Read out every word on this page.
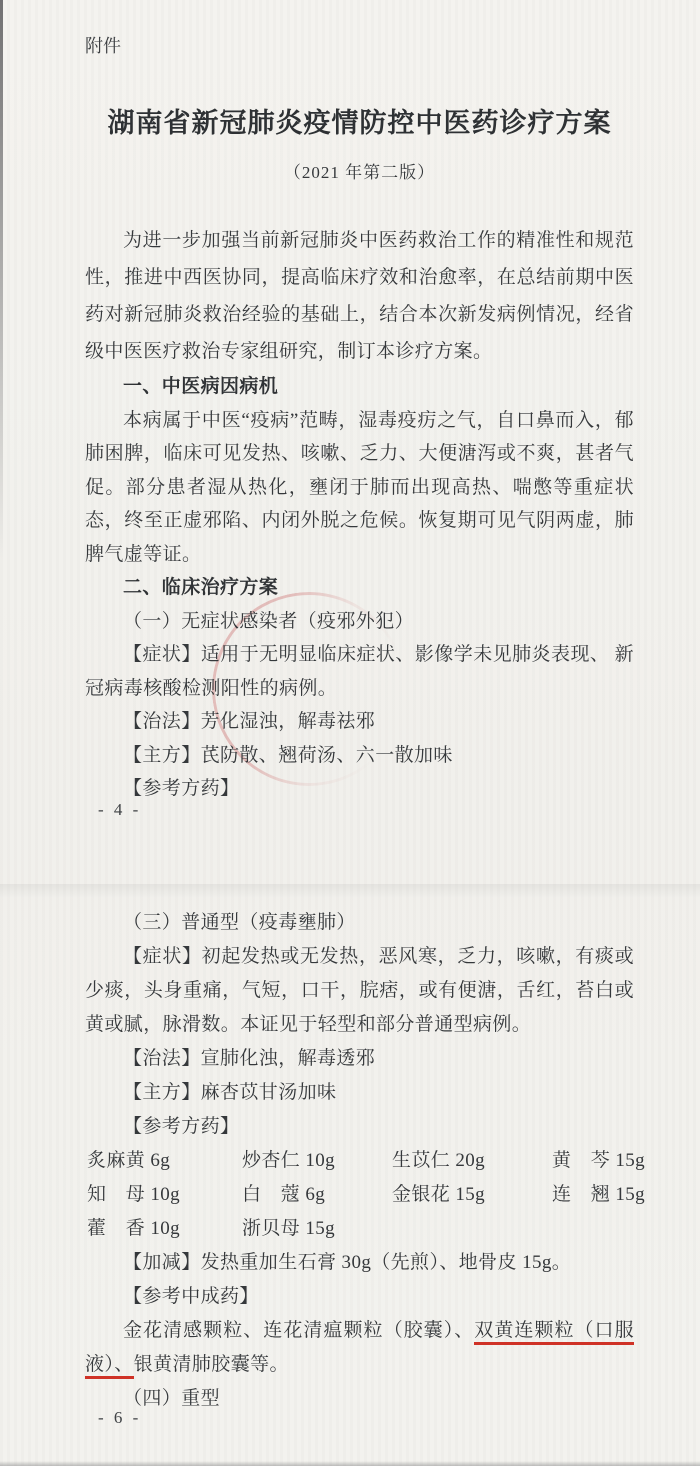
附件
湖南省新冠肺炎疫情防控中医药诊疗方案
（2021 年第二版）

为进一步加强当前新冠肺炎中医药救治工作的精准性和规范性，推进中西医协同，提高临床疗效和治愈率，在总结前期中医药对新冠肺炎救治经验的基础上，结合本次新发病例情况，经省级中医医疗救治专家组研究，制订本诊疗方案。

一、中医病因病机

本病属于中医“疫病”范畴，湿毒疫疠之气，自口鼻而入，郁肺困脾，临床可见发热、咳嗽、乏力、大便溏泻或不爽，甚者气促。部分患者湿从热化，壅闭于肺而出现高热、喘憋等重症状态，终至正虚邪陷、内闭外脱之危候。恢复期可见气阴两虚，肺脾气虚等证。

二、临床治疗方案
（一）无症状感染者（疫邪外犯）

【症状】适用于无明显临床症状、影像学未见肺炎表现、 新冠病毒核酸检测阳性的病例。

【治法】芳化湿浊，解毒祛邪
【主方】芪防散、翘荷汤、六一散加味
【参考方药】
- 4 -
（三）普通型（疫毒壅肺）

【症状】初起发热或无发热，恶风寒，乏力，咳嗽，有痰或少痰，头身重痛，气短，口干，脘痞，或有便溏，舌红，苔白或黄或腻，脉滑数。本证见于轻型和部分普通型病例。

【治法】宣肺化浊，解毒透邪
【主方】麻杏苡甘汤加味
【参考方药】
炙麻黄 6g	炒杏仁 10g	生苡仁 20g	黄　芩 15g
知　母 10g	白　蔻 6g	金银花 15g	连　翘 15g
藿　香 10g	浙贝母 15g
【加减】发热重加生石膏 30g（先煎）、地骨皮 15g。
【参考中成药】

金花清感颗粒、连花清瘟颗粒（胶囊）、双黄连颗粒（口服液）、银黄清肺胶囊等。

（四）重型
- 6 -
